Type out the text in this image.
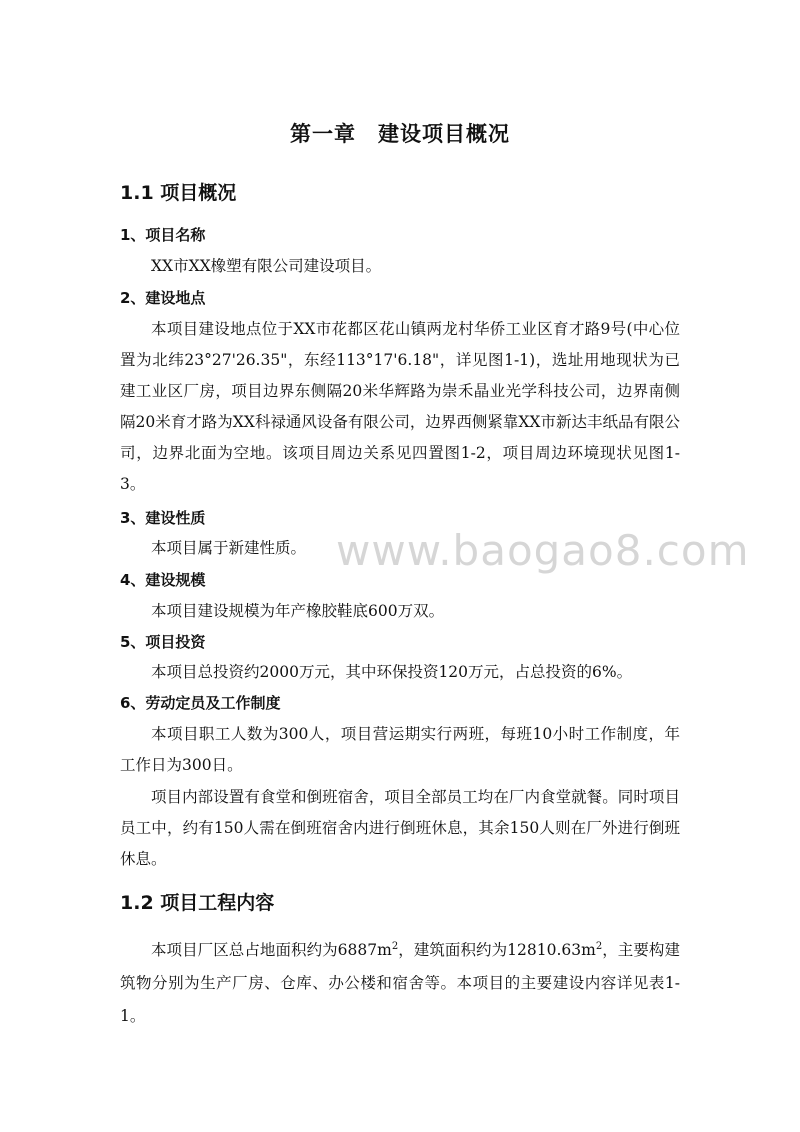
第一章　建设项目概况
1.1 项目概况
1、项目名称
XX市XX橡塑有限公司建设项目。
2、建设地点
本项目建设地点位于XX市花都区花山镇两龙村华侨工业区育才路9号(中心位置为北纬23°27'26.35"，东经113°17'6.18"，详见图1-1)，选址用地现状为已建工业区厂房，项目边界东侧隔20米华辉路为崇禾晶业光学科技公司，边界南侧隔20米育才路为XX科禄通风设备有限公司，边界西侧紧靠XX市新达丰纸品有限公司，边界北面为空地。该项目周边关系见四置图1-2，项目周边环境现状见图1-3。
3、建设性质
本项目属于新建性质。
4、建设规模
本项目建设规模为年产橡胶鞋底600万双。
5、项目投资
本项目总投资约2000万元，其中环保投资120万元，占总投资的6%。
6、劳动定员及工作制度
本项目职工人数为300人，项目营运期实行两班，每班10小时工作制度，年工作日为300日。
项目内部设置有食堂和倒班宿舍，项目全部员工均在厂内食堂就餐。同时项目员工中，约有150人需在倒班宿舍内进行倒班休息，其余150人则在厂外进行倒班休息。
1.2 项目工程内容
本项目厂区总占地面积约为$6887m^2$，建筑面积约为$12810.63m^2$，主要构建筑物分别为生产厂房、仓库、办公楼和宿舍等。本项目的主要建设内容详见表1-1。
www.baogao8.com
